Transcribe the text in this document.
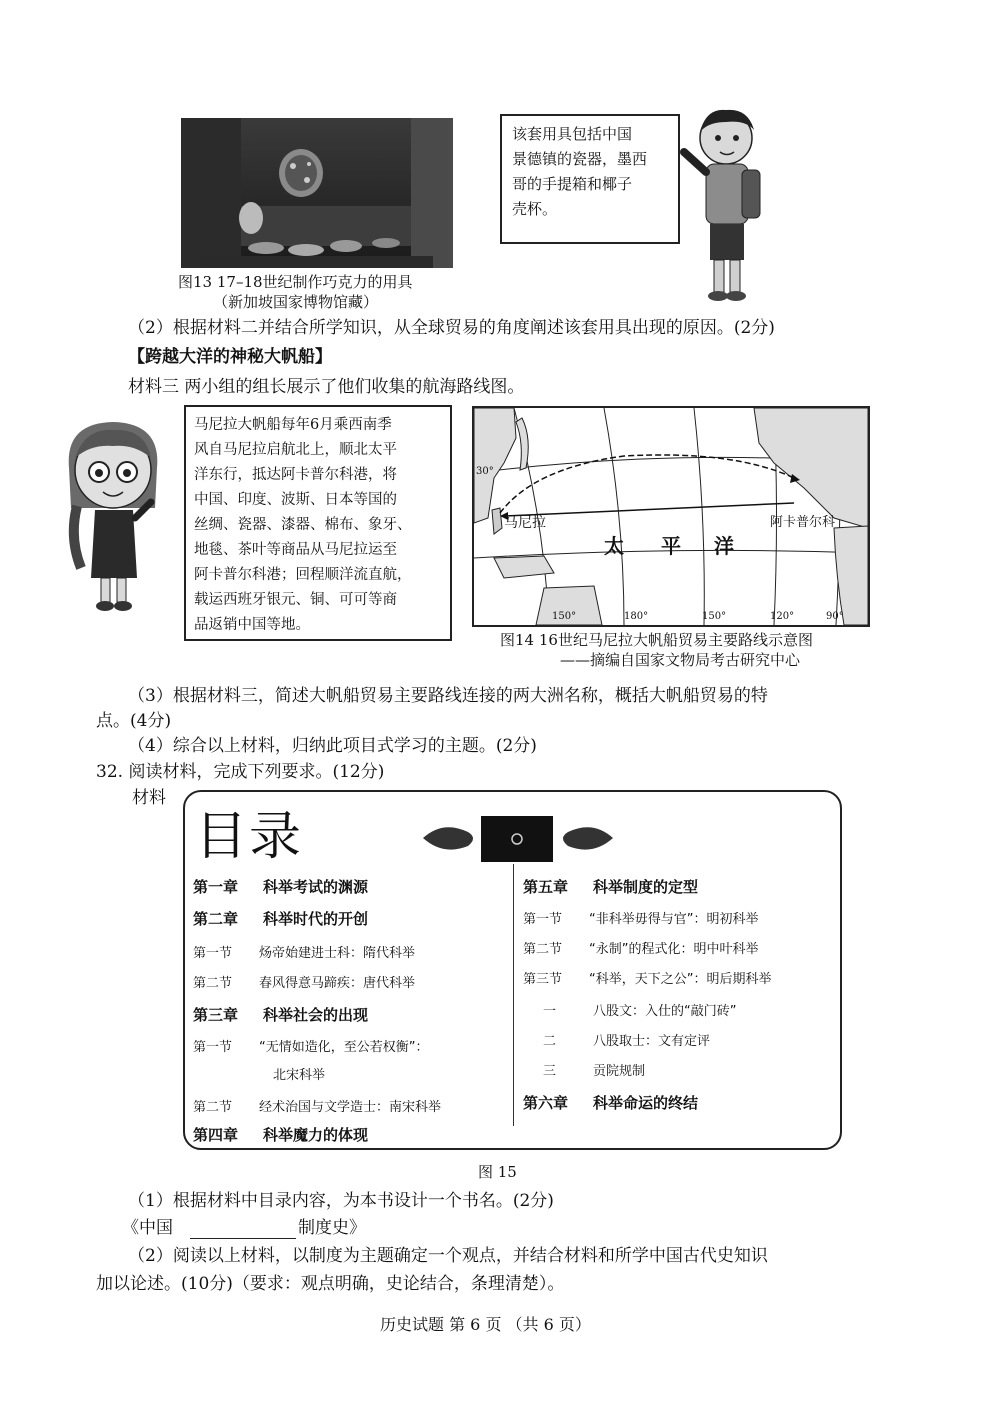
图13 17–18世纪制作巧克力的用具
（新加坡国家博物馆藏）
该套用具包括中国
景德镇的瓷器，墨西
哥的手提箱和椰子
壳杯。
（2）根据材料二并结合所学知识，从全球贸易的角度阐述该套用具出现的原因。(2分)
【跨越大洋的神秘大帆船】
材料三 两小组的组长展示了他们收集的航海路线图。
马尼拉大帆船每年6月乘西南季
风自马尼拉启航北上，顺北太平
洋东行，抵达阿卡普尔科港，将
中国、印度、波斯、日本等国的
丝绸、瓷器、漆器、棉布、象牙、
地毯、茶叶等商品从马尼拉运至
阿卡普尔科港；回程顺洋流直航，
载运西班牙银元、铜、可可等商
品返销中国等地。
30°
马尼拉	阿卡普尔科
太 平 洋
150°	180°	150°	120°	90°
图14 16世纪马尼拉大帆船贸易主要路线示意图
——摘编自国家文物局考古研究中心
（3）根据材料三，简述大帆船贸易主要路线连接的两大洲名称，概括大帆船贸易的特
点。(4分)
（4）综合以上材料，归纳此项目式学习的主题。(2分)
32. 阅读材料，完成下列要求。(12分)
材料
目录
第一章 科举考试的渊源
第二章 科举时代的开创
第一节 炀帝始建进士科：隋代科举
第二节 春风得意马蹄疾：唐代科举
第三章 科举社会的出现
第一节 “无情如造化，至公若权衡”：
北宋科举
第二节 经术治国与文学造士：南宋科举
第四章 科举魔力的体现
第五章 科举制度的定型
第一节 “非科举毋得与官”：明初科举
第二节 “永制”的程式化：明中叶科举
第三节 “科举，天下之公”：明后期科举
一	八股文：入仕的“敲门砖”
二	八股取士：文有定评
三	贡院规制
第六章 科举命运的终结
图 15
（1）根据材料中目录内容，为本书设计一个书名。(2分)
《中国	制度史》
（2）阅读以上材料，以制度为主题确定一个观点，并结合材料和所学中国古代史知识
加以论述。(10分)（要求：观点明确，史论结合，条理清楚）。
历史试题 第 6 页 （共 6 页）
